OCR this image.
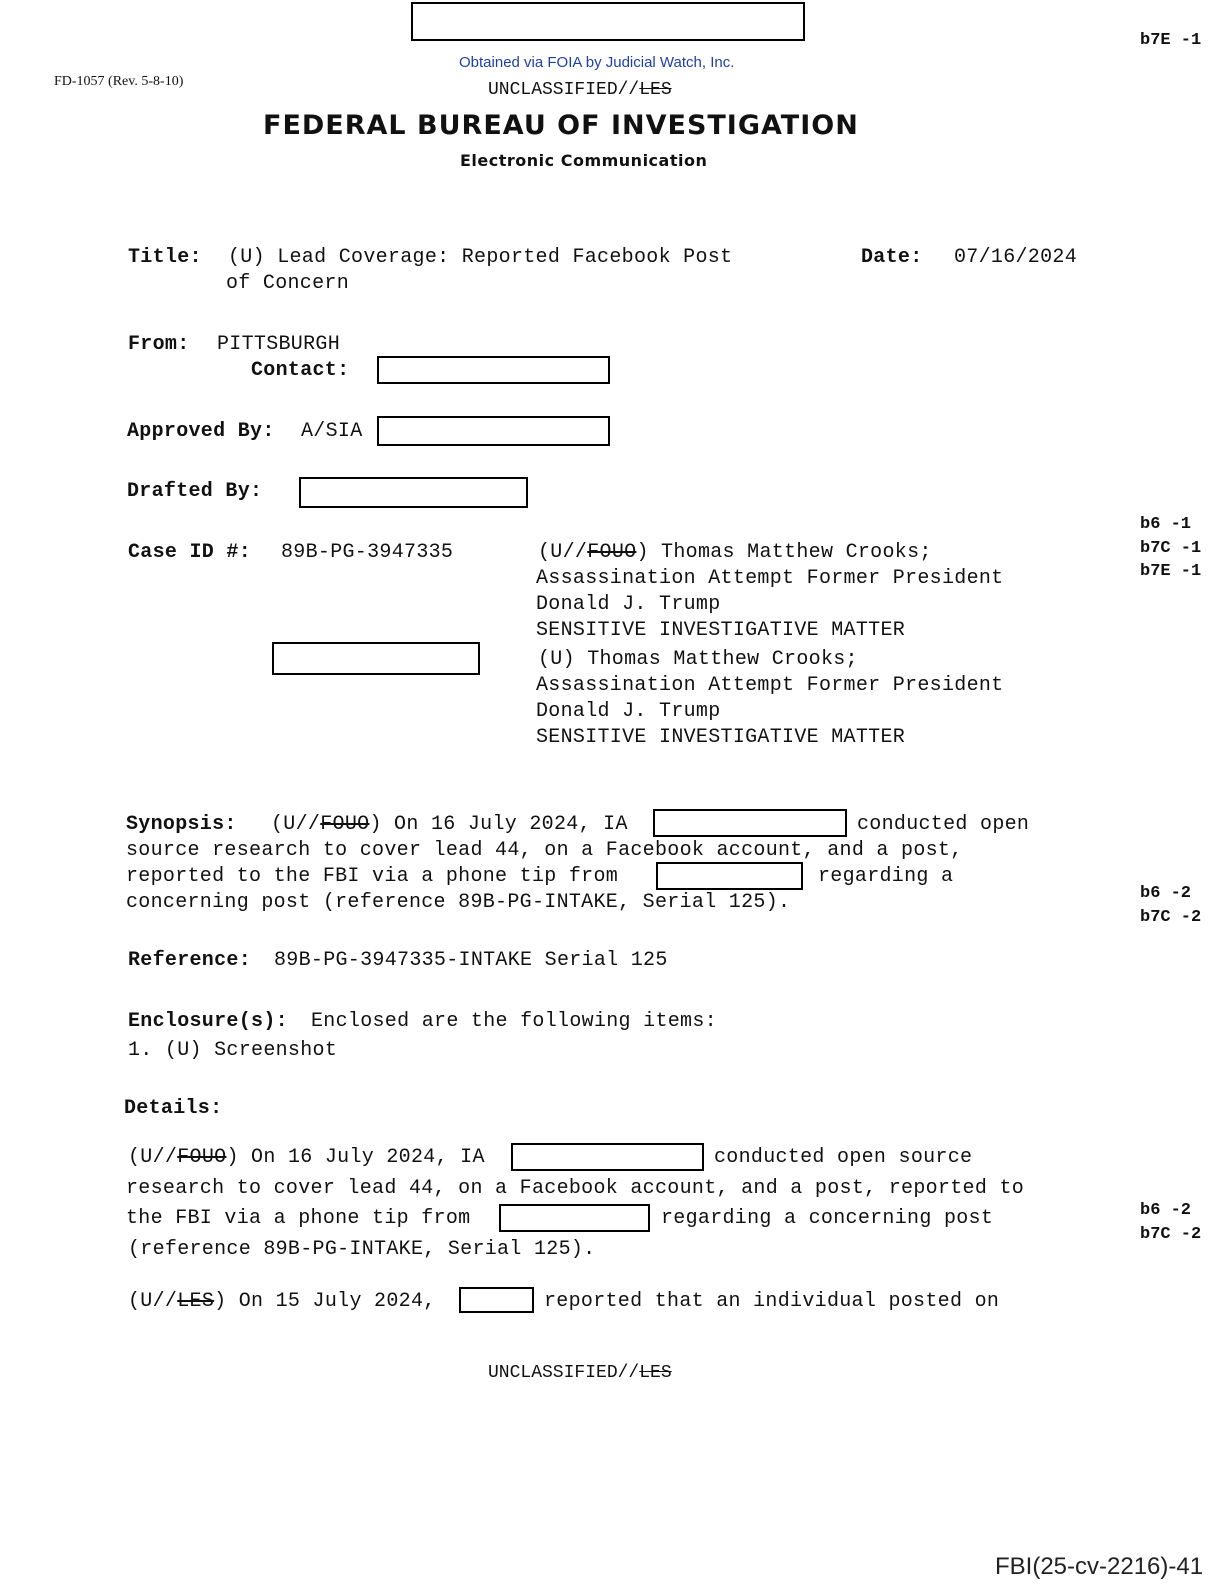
Obtained via FOIA by Judicial Watch, Inc.
FD-1057 (Rev. 5-8-10)
b7E -1
UNCLASSIFIED//LES
FEDERAL BUREAU OF INVESTIGATION
Electronic Communication
Title: (U) Lead Coverage: Reported Facebook Post
of Concern
Date: 07/16/2024
From: PITTSBURGH
Contact:
Approved By: A/SIA
Drafted By:
Case ID #: 89B-PG-3947335	(U//FOUO) Thomas Matthew Crooks;
Assassination Attempt Former President
Donald J. Trump
SENSITIVE INVESTIGATIVE MATTER
(U) Thomas Matthew Crooks;
Assassination Attempt Former President
Donald J. Trump
SENSITIVE INVESTIGATIVE MATTER
b6 -1
b7C -1
b7E -1
Synopsis: (U//FOUO) On 16 July 2024, IA	conducted open
source research to cover lead 44, on a Facebook account, and a post,
reported to the FBI via a phone tip from	regarding a
concerning post (reference 89B-PG-INTAKE, Serial 125).	b6 -2
b7C -2
Reference: 89B-PG-3947335-INTAKE Serial 125
Enclosure(s): Enclosed are the following items:
1. (U) Screenshot
Details:
(U//FOUO) On 16 July 2024, IA	conducted open source
research to cover lead 44, on a Facebook account, and a post, reported to
the FBI via a phone tip from	regarding a concerning post
(reference 89B-PG-INTAKE, Serial 125).
b6 -2
b7C -2
(U//LES) On 15 July 2024,	reported that an individual posted on
UNCLASSIFIED//LES
FBI(25-cv-2216)-41
